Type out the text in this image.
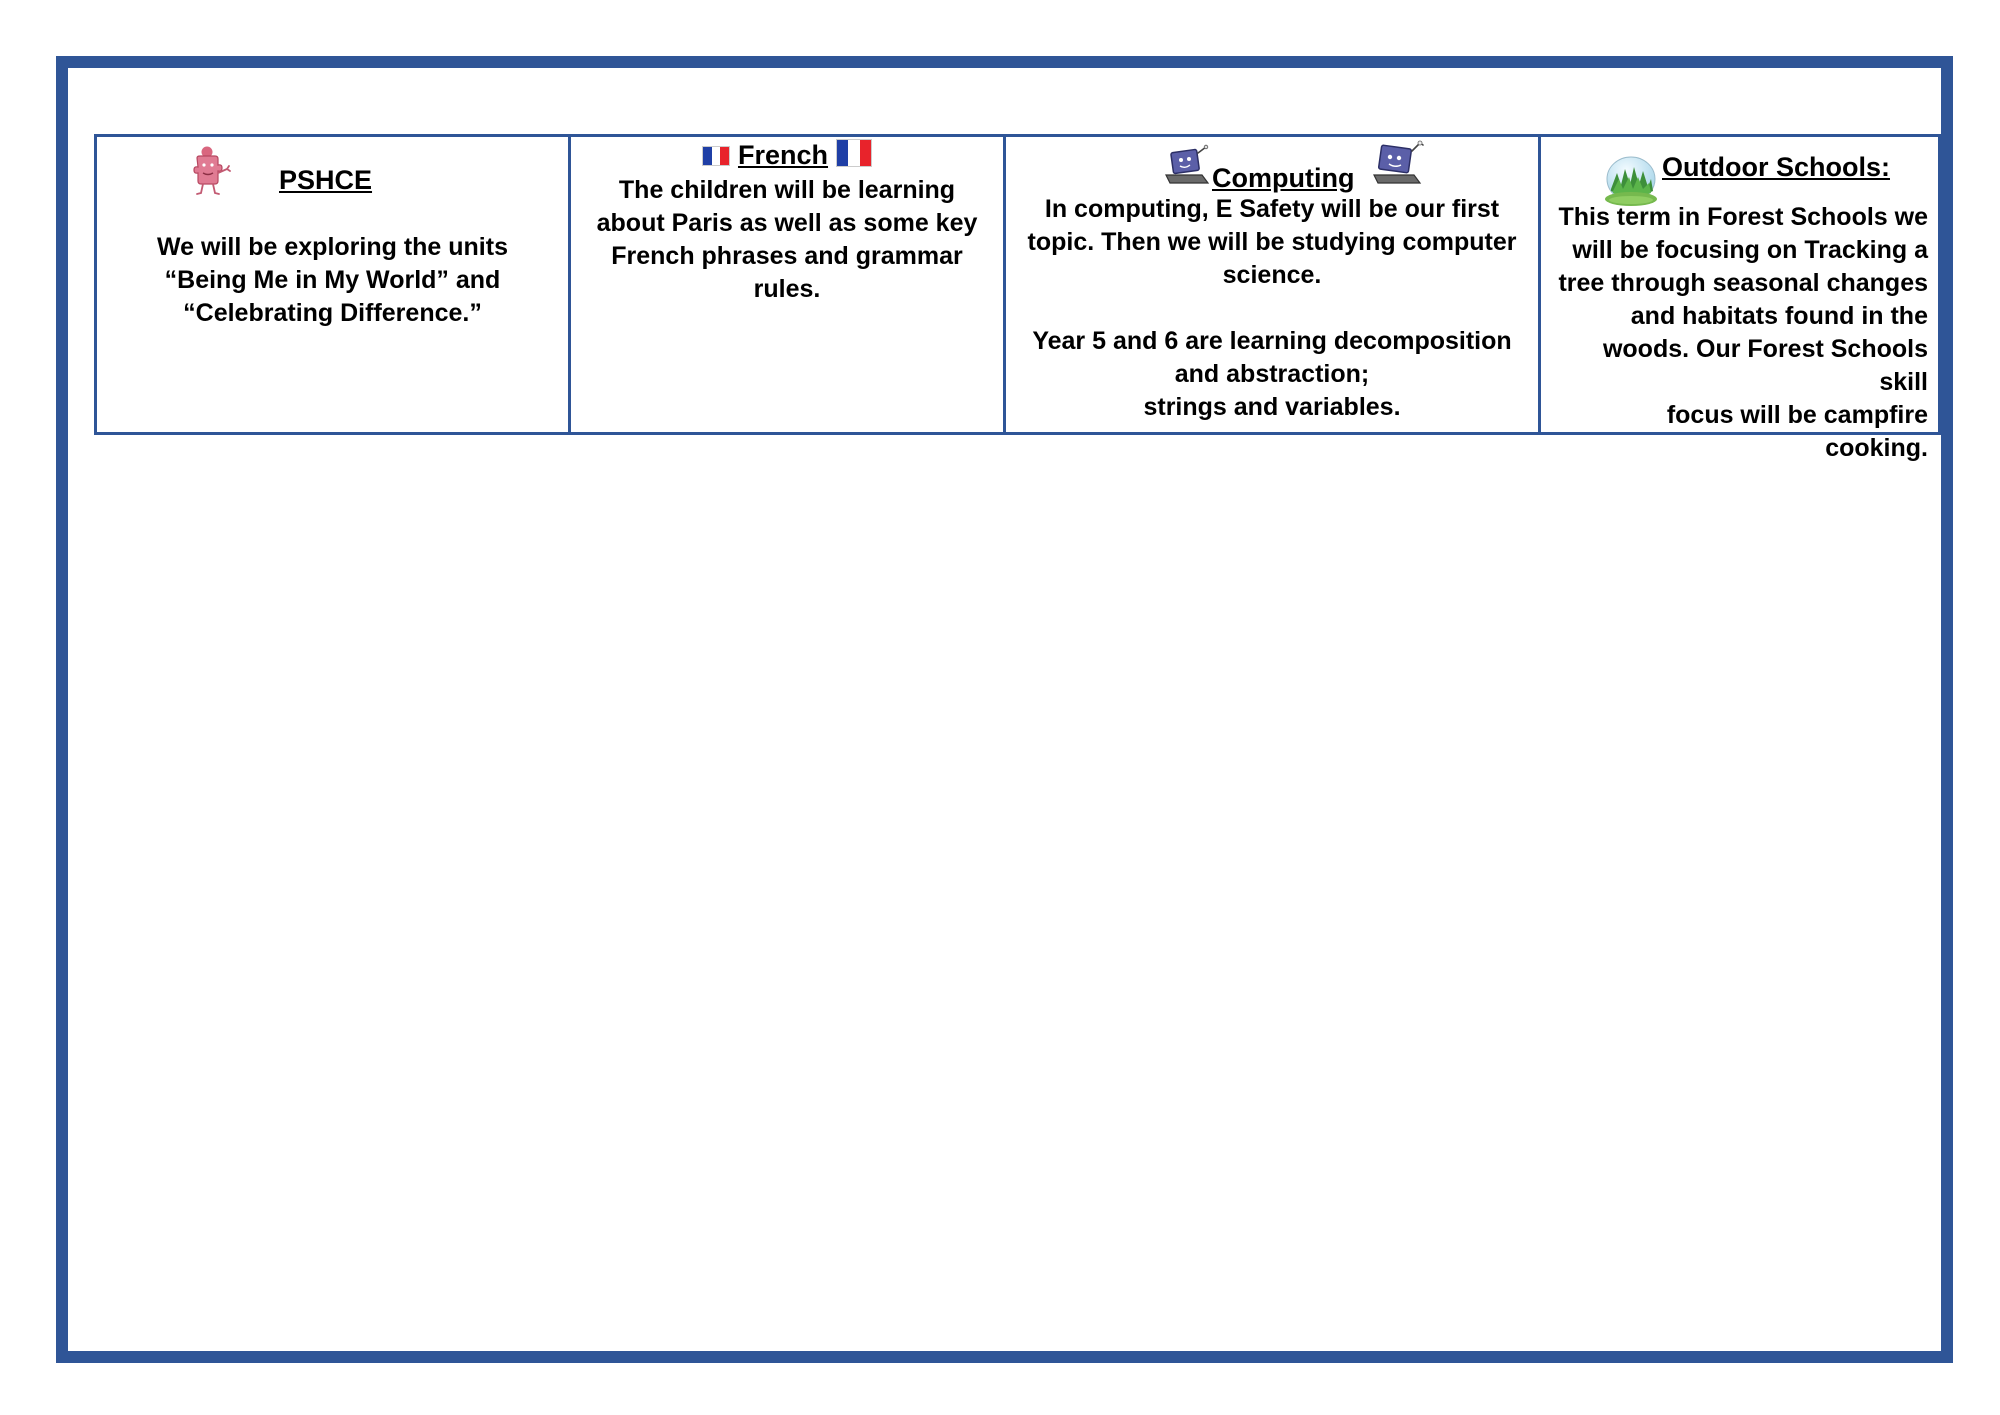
PSHCE
We will be exploring the units
“Being Me in My World” and
“Celebrating Difference.”
French
The children will be learning
about Paris as well as some key
French phrases and grammar
rules.
Computing
In computing, E Safety will be our first
topic. Then we will be studying computer
science.

Year 5 and 6 are learning decomposition
and abstraction;
strings and variables.
Outdoor Schools:
This term in Forest Schools we
will be focusing on Tracking a
tree through seasonal changes
and habitats found in the
woods. Our Forest Schools skill
focus will be campfire
cooking.
